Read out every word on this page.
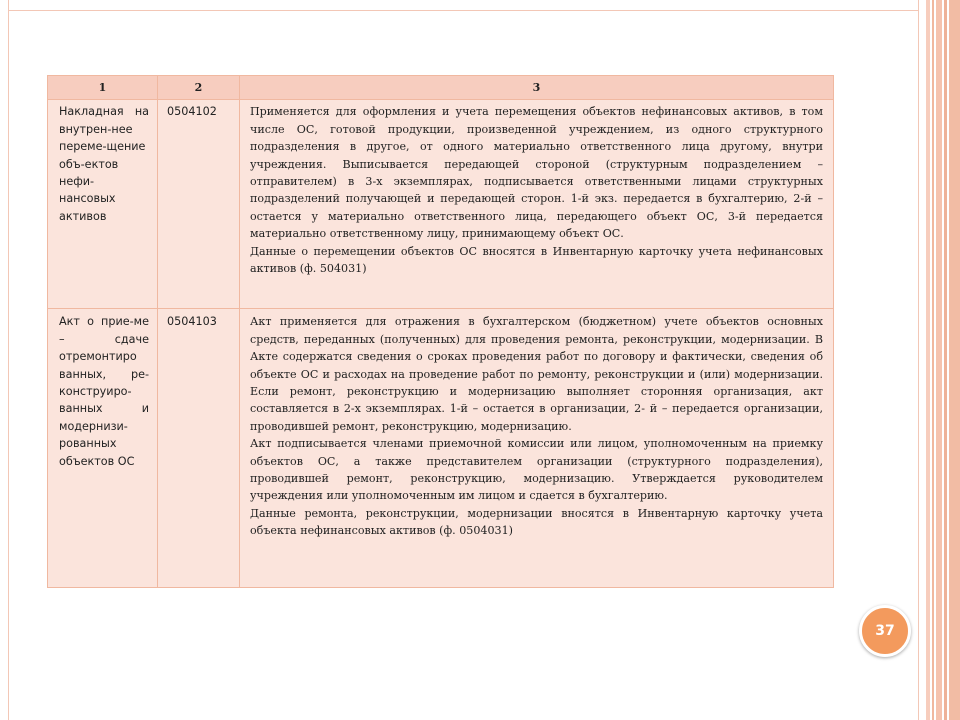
1	2	3
Накладная на внутрен-нее переме-щение объ-ектов нефи-нансовых активов	0504102	Применяется для оформления и учета перемещения объектов нефинансовых активов, в том числе ОС, готовой продукции, произведенной учреждением, из одного структурного подразделения в другое, от одного материально ответственного лица другому, внутри учреждения. Выписывается передающей стороной (структурным подразделением – отправителем) в 3-х экземплярах, подписывается ответственными лицами структурных подразделений получающей и передающей сторон. 1-й экз. передается в бухгалтерию, 2-й – остается у материально ответственного лица, передающего объект ОС, 3-й передается материально ответственному лицу, принимающему объект ОС.

Данные о перемещении объектов ОС вносятся в Инвентарную карточку учета нефинансовых активов (ф. 504031)

Акт о прие-ме – сдаче отремонтиро ванных, ре-конструиро-ванных и модернизи-рованных объектов ОС	0504103	Акт применяется для отражения в бухгалтерском (бюджетном) учете объектов основных средств, переданных (полученных) для проведения ремонта, реконструкции, модернизации. В Акте содержатся сведения о сроках проведения работ по договору и фактически, сведения об объекте ОС и расходах на проведение работ по ремонту, реконструкции и (или) модернизации. Если ремонт, реконструкцию и модернизацию выполняет сторонняя организация, акт составляется в 2-х экземплярах. 1-й – остается в организации, 2- й – передается организации, проводившей ремонт, реконструкцию, модернизацию.

Акт подписывается членами приемочной комиссии или лицом, уполномоченным на приемку объектов ОС, а также представителем организации (структурного подразделения), проводившей ремонт, реконструкцию, модернизацию. Утверждается руководителем учреждения или уполномоченным им лицом и сдается в бухгалтерию.

Данные ремонта, реконструкции, модернизации вносятся в Инвентарную карточку учета объекта нефинансовых активов (ф. 0504031)

37
